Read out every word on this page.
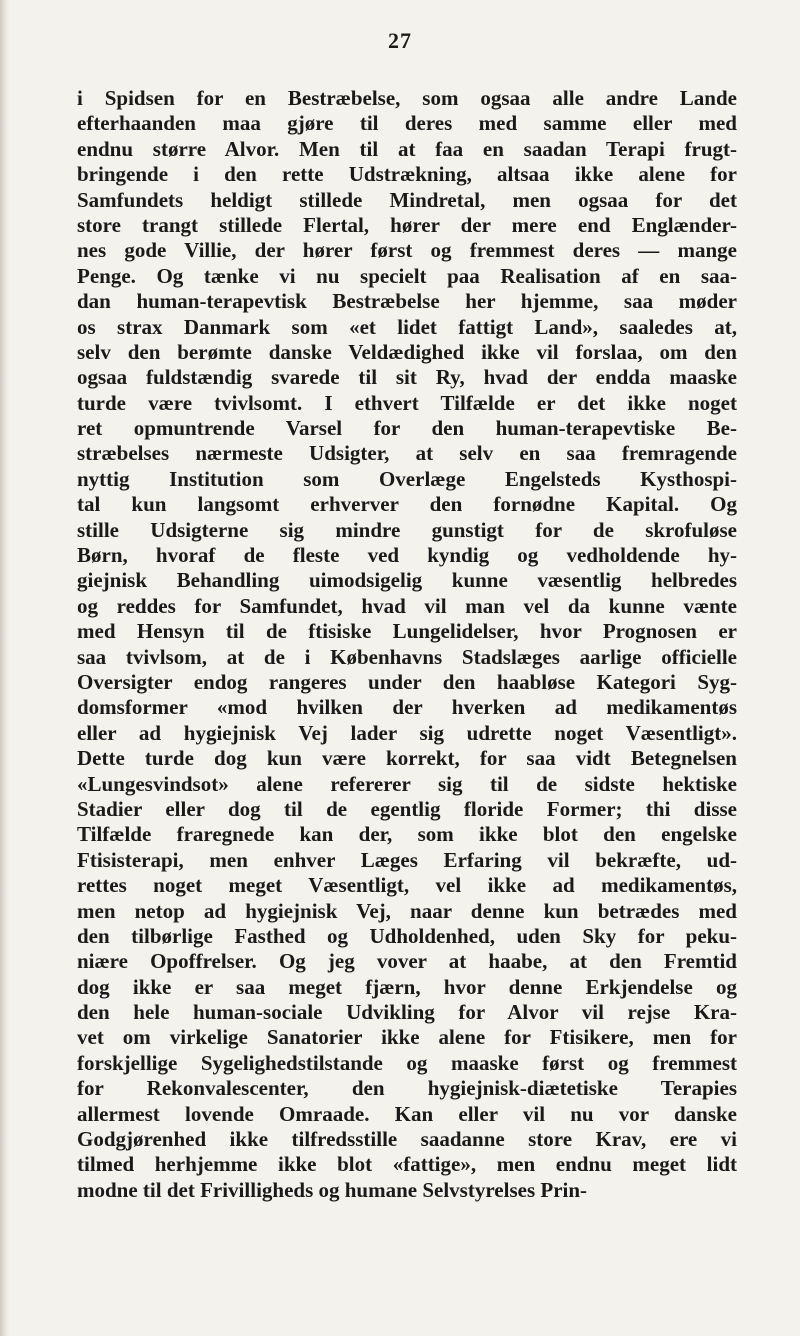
27
i Spidsen for en Bestræbelse, som ogsaa alle andre Lande
efterhaanden maa gjøre til deres med samme eller med
endnu større Alvor. Men til at faa en saadan Terapi frugt-
bringende i den rette Udstrækning, altsaa ikke alene for
Samfundets heldigt stillede Mindretal, men ogsaa for det
store trangt stillede Flertal, hører der mere end Englænder-
nes gode Villie, der hører først og fremmest deres — mange
Penge. Og tænke vi nu specielt paa Realisation af en saa-
dan human-terapevtisk Bestræbelse her hjemme, saa møder
os strax Danmark som «et lidet fattigt Land», saaledes at,
selv den berømte danske Veldædighed ikke vil forslaa, om den
ogsaa fuldstændig svarede til sit Ry, hvad der endda maaske
turde være tvivlsomt. I ethvert Tilfælde er det ikke noget
ret opmuntrende Varsel for den human-terapevtiske Be-
stræbelses nærmeste Udsigter, at selv en saa fremragende
nyttig Institution som Overlæge Engelsteds Kysthospi-
tal kun langsomt erhverver den fornødne Kapital. Og
stille Udsigterne sig mindre gunstigt for de skrofuløse
Børn, hvoraf de fleste ved kyndig og vedholdende hy-
giejnisk Behandling uimodsigelig kunne væsentlig helbredes
og reddes for Samfundet, hvad vil man vel da kunne vænte
med Hensyn til de ftisiske Lungelidelser, hvor Prognosen er
saa tvivlsom, at de i Københavns Stadslæges aarlige officielle
Oversigter endog rangeres under den haabløse Kategori Syg-
domsformer «mod hvilken der hverken ad medikamentøs
eller ad hygiejnisk Vej lader sig udrette noget Væsentligt».
Dette turde dog kun være korrekt, for saa vidt Betegnelsen
«Lungesvindsot» alene refererer sig til de sidste hektiske
Stadier eller dog til de egentlig floride Former; thi disse
Tilfælde fraregnede kan der, som ikke blot den engelske
Ftisisterapi, men enhver Læges Erfaring vil bekræfte, ud-
rettes noget meget Væsentligt, vel ikke ad medikamentøs,
men netop ad hygiejnisk Vej, naar denne kun betrædes med
den tilbørlige Fasthed og Udholdenhed, uden Sky for peku-
niære Opoffrelser. Og jeg vover at haabe, at den Fremtid
dog ikke er saa meget fjærn, hvor denne Erkjendelse og
den hele human-sociale Udvikling for Alvor vil rejse Kra-
vet om virkelige Sanatorier ikke alene for Ftisikere, men for
forskjellige Sygelighedstilstande og maaske først og fremmest
for Rekonvalescenter, den hygiejnisk-diætetiske Terapies
allermest lovende Omraade. Kan eller vil nu vor danske
Godgjørenhed ikke tilfredsstille saadanne store Krav, ere vi
tilmed herhjemme ikke blot «fattige», men endnu meget lidt
modne til det Frivilligheds og humane Selvstyrelses Prin-
